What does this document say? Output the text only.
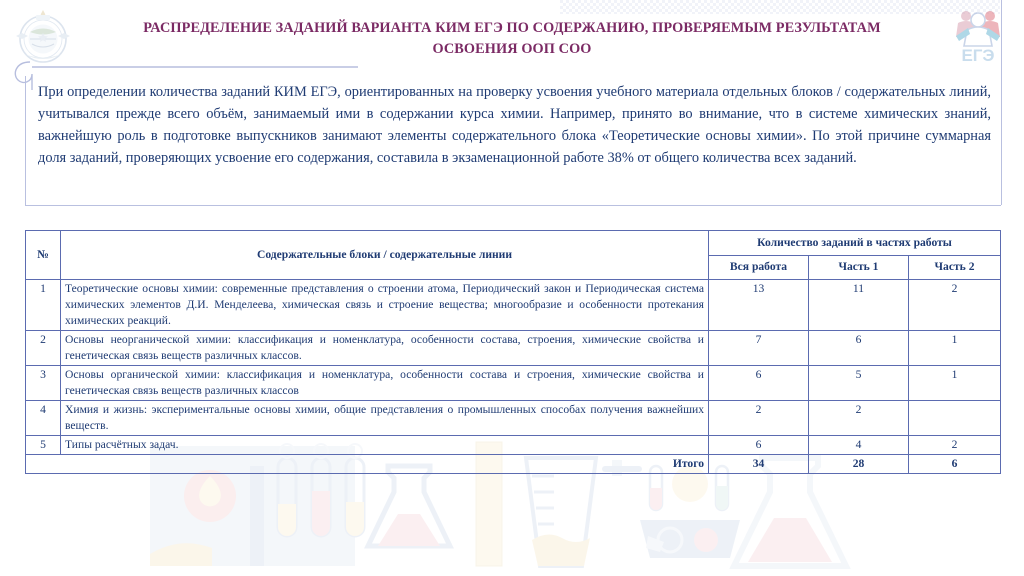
ЕГЭ
РАСПРЕДЕЛЕНИЕ ЗАДАНИЙ ВАРИАНТА КИМ ЕГЭ ПО СОДЕРЖАНИЮ, ПРОВЕРЯЕМЫМ РЕЗУЛЬТАТАМ ОСВОЕНИЯ ООП СОО

При определении количества заданий КИМ ЕГЭ, ориентированных на проверку усвоения учебного материала отдельных блоков / содержательных линий, учитывался прежде всего объём, занимаемый ими в содержании курса химии. Например, принято во внимание, что в системе химических знаний, важнейшую роль в подготовке выпускников занимают элементы содержательного блока «Теоретические основы химии». По этой причине суммарная доля заданий, проверяющих усвоение его содержания, составила в экзаменационной работе 38% от общего количества всех заданий.

№	Содержательные блоки / содержательные линии	Количество заданий в частях работы		
		Вся работа	Часть 1	Часть 2
1	Теоретические основы химии: современные представления о строении атома, Периодический закон и Периодическая система химических элементов Д.И. Менделеева, химическая связь и строение вещества; многообразие и особенности протекания химических реакций.	13	11	2
2	Основы неорганической химии: классификация и номенклатура, особенности состава, строения, химические свойства и генетическая связь веществ различных классов.	7	6	1
3	Основы органической химии: классификация и номенклатура, особенности состава и строения, химические свойства и генетическая связь веществ различных классов	6	5	1
4	Химия и жизнь: экспериментальные основы химии, общие представления о промышленных способах получения важнейших веществ.	2	2	
5	Типы расчётных задач.	6	4	2
Итого		34	28	6
